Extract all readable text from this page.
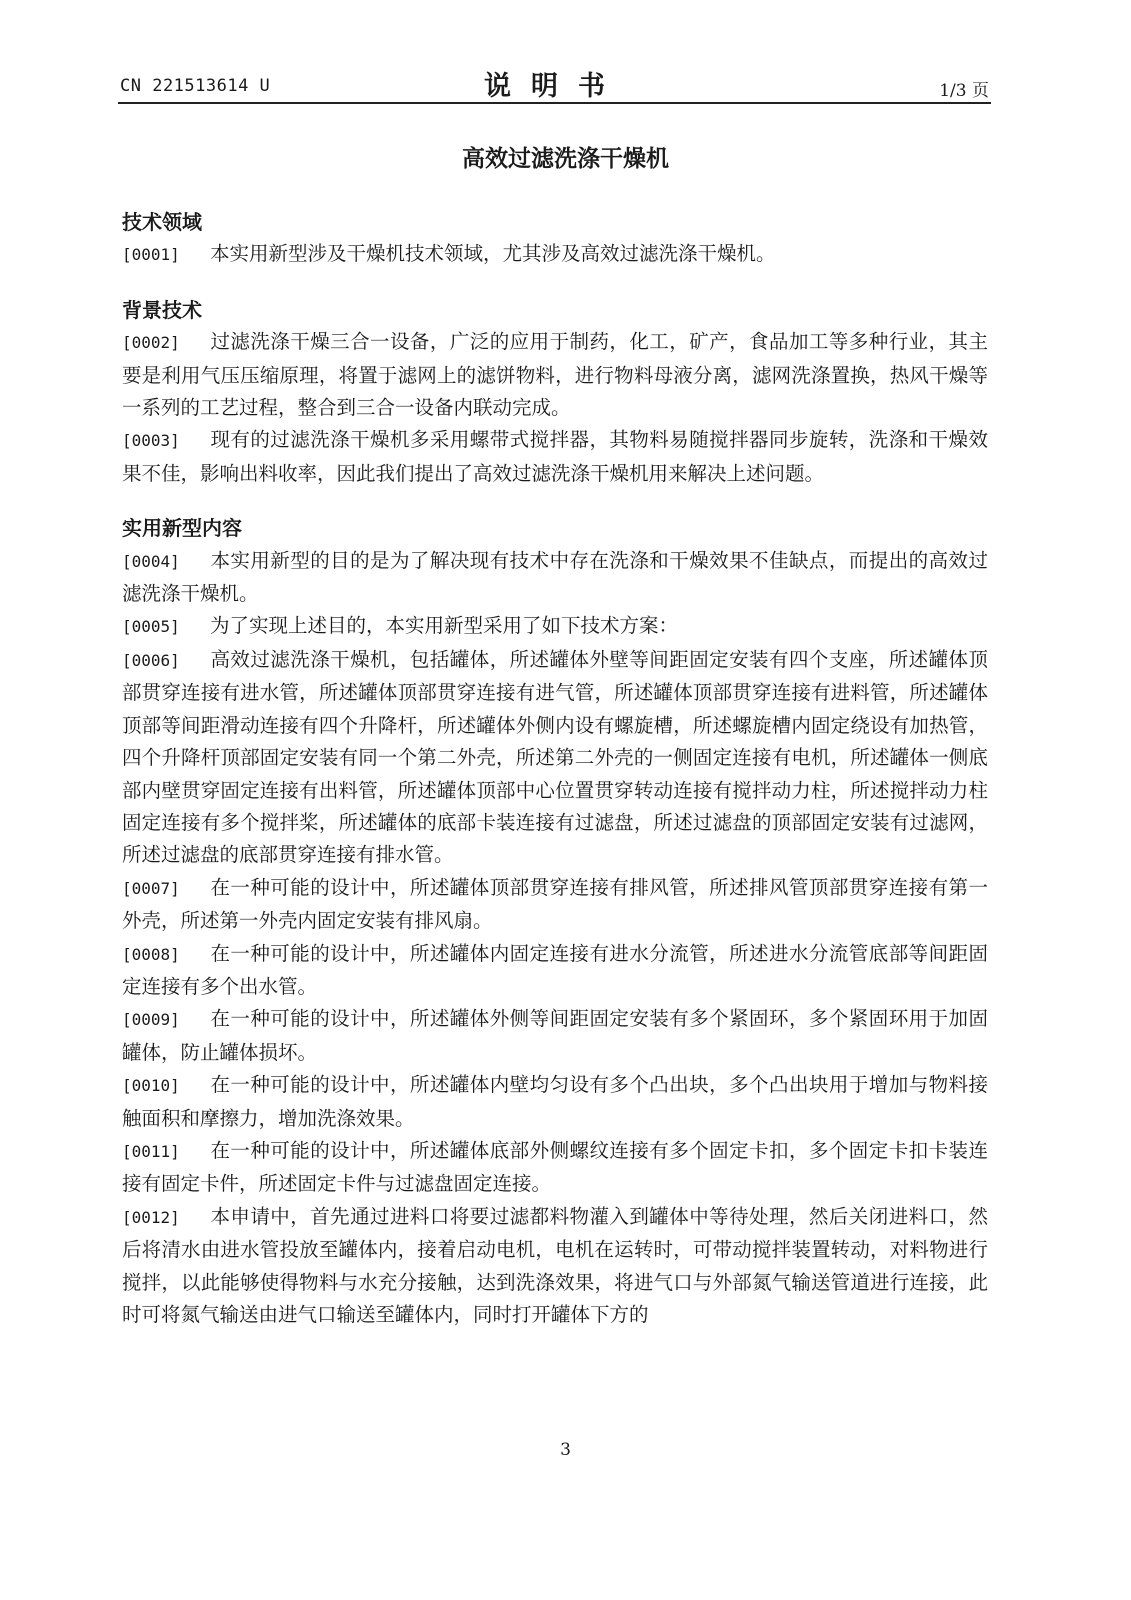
CN 221513614 U	说明书	1/3 页
高效过滤洗涤干燥机
技术领域

[0001] 本实用新型涉及干燥机技术领域，尤其涉及高效过滤洗涤干燥机。

背景技术

[0002] 过滤洗涤干燥三合一设备，广泛的应用于制药，化工，矿产，食品加工等多种行业，其主要是利用气压压缩原理，将置于滤网上的滤饼物料，进行物料母液分离，滤网洗涤置换，热风干燥等一系列的工艺过程，整合到三合一设备内联动完成。

[0003] 现有的过滤洗涤干燥机多采用螺带式搅拌器，其物料易随搅拌器同步旋转，洗涤和干燥效果不佳，影响出料收率，因此我们提出了高效过滤洗涤干燥机用来解决上述问题。

实用新型内容

[0004] 本实用新型的目的是为了解决现有技术中存在洗涤和干燥效果不佳缺点，而提出的高效过滤洗涤干燥机。

[0005] 为了实现上述目的，本实用新型采用了如下技术方案：

[0006] 高效过滤洗涤干燥机，包括罐体，所述罐体外壁等间距固定安装有四个支座，所述罐体顶部贯穿连接有进水管，所述罐体顶部贯穿连接有进气管，所述罐体顶部贯穿连接有进料管，所述罐体顶部等间距滑动连接有四个升降杆，所述罐体外侧内设有螺旋槽，所述螺旋槽内固定绕设有加热管，四个升降杆顶部固定安装有同一个第二外壳，所述第二外壳的一侧固定连接有电机，所述罐体一侧底部内壁贯穿固定连接有出料管，所述罐体顶部中心位置贯穿转动连接有搅拌动力柱，所述搅拌动力柱固定连接有多个搅拌桨，所述罐体的底部卡装连接有过滤盘，所述过滤盘的顶部固定安装有过滤网，所述过滤盘的底部贯穿连接有排水管。

[0007] 在一种可能的设计中，所述罐体顶部贯穿连接有排风管，所述排风管顶部贯穿连接有第一外壳，所述第一外壳内固定安装有排风扇。

[0008] 在一种可能的设计中，所述罐体内固定连接有进水分流管，所述进水分流管底部等间距固定连接有多个出水管。

[0009] 在一种可能的设计中，所述罐体外侧等间距固定安装有多个紧固环，多个紧固环用于加固罐体，防止罐体损坏。

[0010] 在一种可能的设计中，所述罐体内壁均匀设有多个凸出块，多个凸出块用于增加与物料接触面积和摩擦力，增加洗涤效果。

[0011] 在一种可能的设计中，所述罐体底部外侧螺纹连接有多个固定卡扣，多个固定卡扣卡装连接有固定卡件，所述固定卡件与过滤盘固定连接。

[0012] 本申请中，首先通过进料口将要过滤都料物灌入到罐体中等待处理，然后关闭进料口，然后将清水由进水管投放至罐体内，接着启动电机，电机在运转时，可带动搅拌装置转动，对料物进行搅拌，以此能够使得物料与水充分接触，达到洗涤效果，将进气口与外部氮气输送管道进行连接，此时可将氮气输送由进气口输送至罐体内，同时打开罐体下方的

3
